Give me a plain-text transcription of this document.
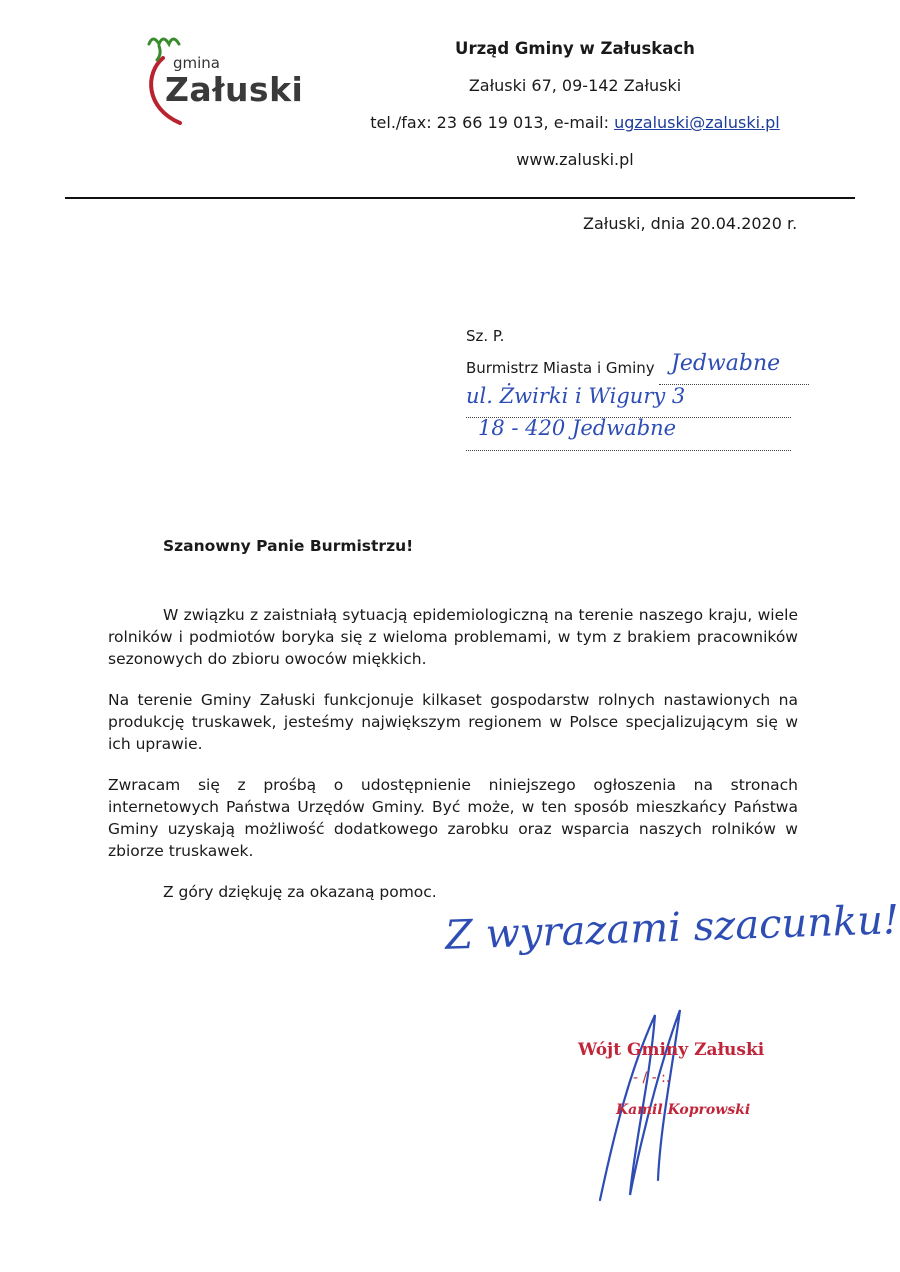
gmina
Załuski
Urząd Gminy w Załuskach
Załuski 67, 09-142 Załuski
tel./fax: 23 66 19 013, e-mail: ugzaluski@zaluski.pl
www.zaluski.pl
Załuski, dnia 20.04.2020 r.
Sz. P.
Burmistrz Miasta i Gminy

Jedwabne
ul. Żwirki i Wigury 3
18 - 420 Jedwabne
Szanowny Panie Burmistrzu!

W związku z zaistniałą sytuacją epidemiologiczną na terenie naszego kraju, wiele rolników i podmiotów boryka się z wieloma problemami, w tym z brakiem pracowników sezonowych do zbioru owoców miękkich.

Na terenie Gminy Załuski funkcjonuje kilkaset gospodarstw rolnych nastawionych na produkcję truskawek, jesteśmy największym regionem w Polsce specjalizującym się w ich uprawie.

Zwracam się z prośbą o udostępnienie niniejszego ogłoszenia na stronach internetowych Państwa Urzędów Gminy. Być może, w ten sposób mieszkańcy Państwa Gminy uzyskają możliwość dodatkowego zarobku oraz wsparcia naszych rolników w zbiorze truskawek.

Z góry dziękuję za okazaną pomoc.

Z wyrazami szacunku!
Wójt Gminy Załuski
- / - :.
Kamil Koprowski
